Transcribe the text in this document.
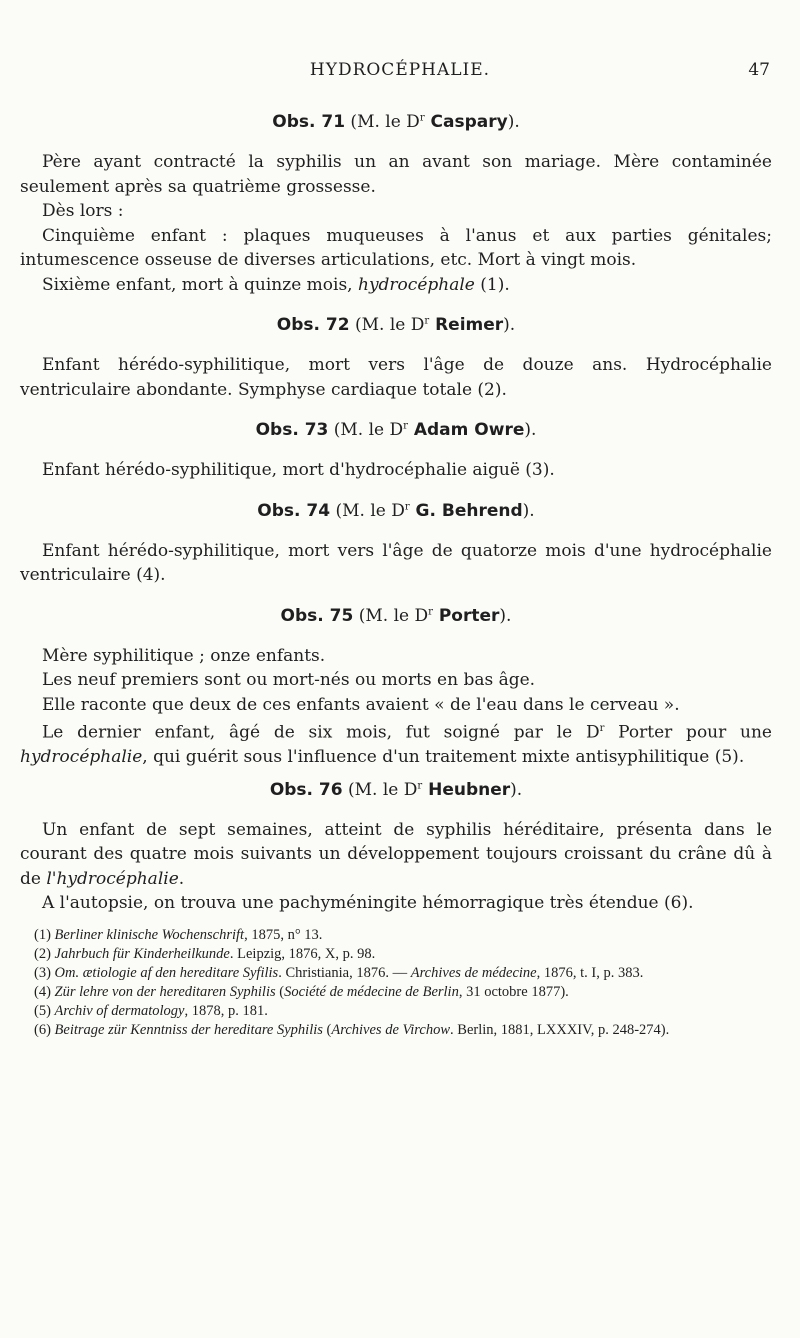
HYDROCÉPHALIE.	47
Obs. 71 (M. le $D^r$ Caspary).

Père ayant contracté la syphilis un an avant son mariage. Mère contaminée seulement après sa quatrième grossesse.

Dès lors :

Cinquième enfant : plaques muqueuses à l'anus et aux parties génitales; intumescence osseuse de diverses articulations, etc. Mort à vingt mois.

Sixième enfant, mort à quinze mois, hydrocéphale (1).

Obs. 72 (M. le $D^r$ Reimer).

Enfant hérédo-syphilitique, mort vers l'âge de douze ans. Hydrocéphalie ventriculaire abondante. Symphyse cardiaque totale (2).

Obs. 73 (M. le $D^r$ Adam Owre).

Enfant hérédo-syphilitique, mort d'hydrocéphalie aiguë (3).

Obs. 74 (M. le $D^r$ G. Behrend).

Enfant hérédo-syphilitique, mort vers l'âge de quatorze mois d'une hydrocéphalie ventriculaire (4).

Obs. 75 (M. le $D^r$ Porter).

Mère syphilitique ; onze enfants.

Les neuf premiers sont ou mort-nés ou morts en bas âge.

Elle raconte que deux de ces enfants avaient « de l'eau dans le cerveau ».

Le dernier enfant, âgé de six mois, fut soigné par le $D^r$ Porter pour une hydrocéphalie, qui guérit sous l'influence d'un traitement mixte antisyphilitique (5).

Obs. 76 (M. le $D^r$ Heubner).

Un enfant de sept semaines, atteint de syphilis héréditaire, présenta dans le courant des quatre mois suivants un développement toujours croissant du crâne dû à de l'hydrocéphalie.

A l'autopsie, on trouva une pachyméningite hémorragique très étendue (6).

(1) Berliner klinische Wochenschrift, 1875, n° 13.

(2) Jahrbuch für Kinderheilkunde. Leipzig, 1876, X, p. 98.

(3) Om. ætiologie af den hereditare Syfilis. Christiania, 1876. — Archives de médecine, 1876, t. I, p. 383.

(4) Zür lehre von der hereditaren Syphilis (Société de médecine de Berlin, 31 octobre 1877).

(5) Archiv of dermatology, 1878, p. 181.

(6) Beitrage zür Kenntniss der hereditare Syphilis (Archives de Virchow. Berlin, 1881, LXXXIV, p. 248-274).
